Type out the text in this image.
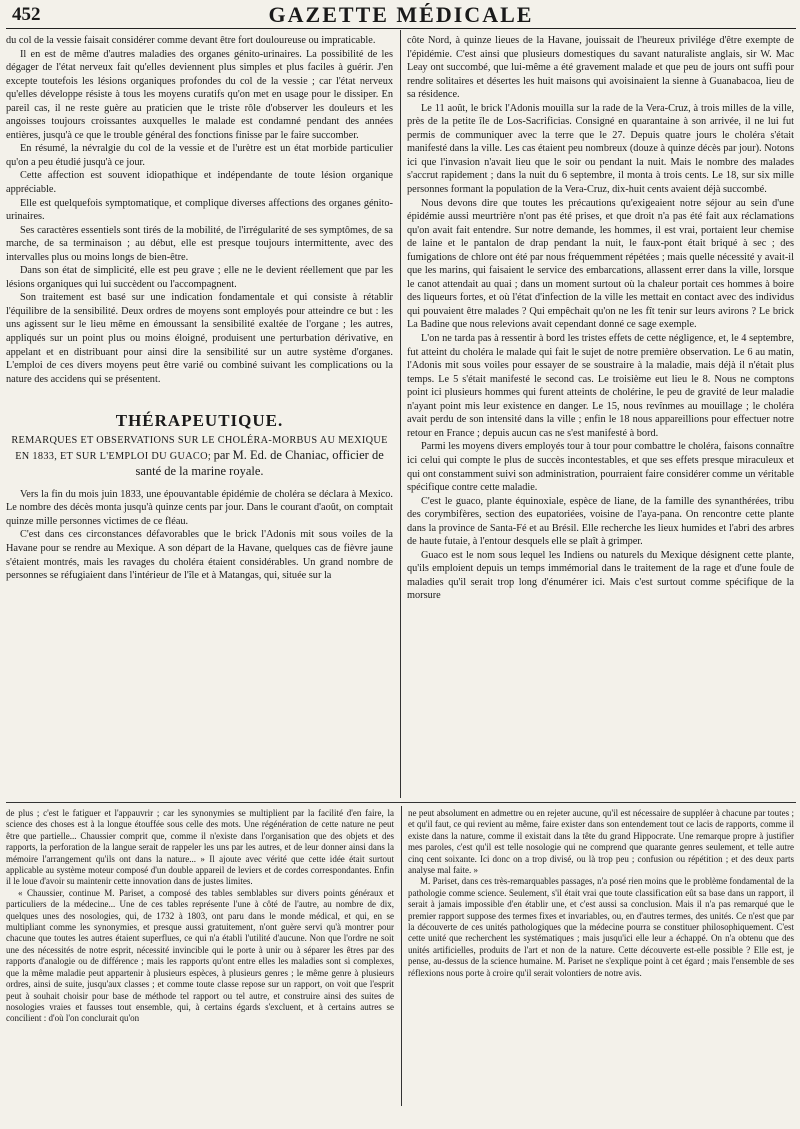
452	GAZETTE MÉDICALE

du col de la vessie faisait considérer comme devant être fort douloureuse ou impraticable.

Il en est de même d'autres maladies des organes génito-urinaires. La possibilité de les dégager de l'état nerveux fait qu'elles deviennent plus simples et plus faciles à guérir. J'en excepte toutefois les lésions organiques profondes du col de la vessie ; car l'état nerveux qu'elles développe résiste à tous les moyens curatifs qu'on met en usage pour le dissiper. En pareil cas, il ne reste guère au praticien que le triste rôle d'observer les douleurs et les angoisses toujours croissantes auxquelles le malade est condamné pendant des années entières, jusqu'à ce que le trouble général des fonctions finisse par le faire succomber.

En résumé, la névralgie du col de la vessie et de l'urètre est un état morbide particulier qu'on a peu étudié jusqu'à ce jour.

Cette affection est souvent idiopathique et indépendante de toute lésion organique appréciable.

Elle est quelquefois symptomatique, et complique diverses affections des organes génito-urinaires.

Ses caractères essentiels sont tirés de la mobilité, de l'irrégularité de ses symptômes, de sa marche, de sa terminaison ; au début, elle est presque toujours intermittente, avec des intervalles plus ou moins longs de bien-être.

Dans son état de simplicité, elle est peu grave ; elle ne le devient réellement que par les lésions organiques qui lui succèdent ou l'accompagnent.

Son traitement est basé sur une indication fondamentale et qui consiste à rétablir l'équilibre de la sensibilité. Deux ordres de moyens sont employés pour atteindre ce but : les uns agissent sur le lieu même en émoussant la sensibilité exaltée de l'organe ; les autres, appliqués sur un point plus ou moins éloigné, produisent une perturbation dérivative, en appelant et en distribuant pour ainsi dire la sensibilité sur un autre système d'organes. L'emploi de ces divers moyens peut être varié ou combiné suivant les complications ou la nature des accidens qui se présentent.

THÉRAPEUTIQUE.
REMARQUES ET OBSERVATIONS SUR LE CHOLÉRA-MORBUS AU MEXIQUE EN 1833, ET SUR L'EMPLOI DU GUACO; par M. Ed. de Chaniac, officier de santé de la marine royale.

Vers la fin du mois juin 1833, une épouvantable épidémie de choléra se déclara à Mexico. Le nombre des décès monta jusqu'à quinze cents par jour. Dans le courant d'août, on comptait quinze mille personnes victimes de ce fléau.

C'est dans ces circonstances défavorables que le brick l'Adonis mit sous voiles de la Havane pour se rendre au Mexique. A son départ de la Havane, quelques cas de fièvre jaune s'étaient montrés, mais les ravages du choléra étaient considérables. Un grand nombre de personnes se réfugiaient dans l'intérieur de l'île et à Matangas, qui, située sur la

côte Nord, à quinze lieues de la Havane, jouissait de l'heureux privilége d'être exempte de l'épidémie. C'est ainsi que plusieurs domestiques du savant naturaliste anglais, sir W. Mac Leay ont succombé, que lui-même a été gravement malade et que peu de jours ont suffi pour rendre solitaires et désertes les huit maisons qui avoisinaient la sienne à Guanabacoa, lieu de sa résidence.

Le 11 août, le brick l'Adonis mouilla sur la rade de la Vera-Cruz, à trois milles de la ville, près de la petite île de Los-Sacrificias. Consigné en quarantaine à son arrivée, il ne lui fut permis de communiquer avec la terre que le 27. Depuis quatre jours le choléra s'était manifesté dans la ville. Les cas étaient peu nombreux (douze à quinze décès par jour). Notons ici que l'invasion n'avait lieu que le soir ou pendant la nuit. Mais le nombre des malades s'accrut rapidement ; dans la nuit du 6 septembre, il monta à trois cents. Le 18, sur six mille personnes formant la population de la Vera-Cruz, dix-huit cents avaient déjà succombé.

Nous devons dire que toutes les précautions qu'exigeaient notre séjour au sein d'une épidémie aussi meurtrière n'ont pas été prises, et que droit n'a pas été fait aux réclamations qu'on avait fait entendre. Sur notre demande, les hommes, il est vrai, portaient leur chemise de laine et le pantalon de drap pendant la nuit, le faux-pont était briqué à sec ; des fumigations de chlore ont été par nous fréquemment répétées ; mais quelle nécessité y avait-il que les marins, qui faisaient le service des embarcations, allassent errer dans la ville, lorsque le canot attendait au quai ; dans un moment surtout où la chaleur portait ces hommes à boire des liqueurs fortes, et où l'état d'infection de la ville les mettait en contact avec des individus qui pouvaient être malades ? Qui empêchait qu'on ne les fît tenir sur leurs avirons ? Le brick La Badine que nous relevions avait cependant donné ce sage exemple.

L'on ne tarda pas à ressentir à bord les tristes effets de cette négligence, et, le 4 septembre, fut atteint du choléra le malade qui fait le sujet de notre première observation. Le 6 au matin, l'Adonis mit sous voiles pour essayer de se soustraire à la maladie, mais déjà il n'était plus temps. Le 5 s'était manifesté le second cas. Le troisième eut lieu le 8. Nous ne comptons point ici plusieurs hommes qui furent atteints de cholérine, le peu de gravité de leur maladie n'ayant point mis leur existence en danger. Le 15, nous revînmes au mouillage ; le choléra avait perdu de son intensité dans la ville ; enfin le 18 nous appareillions pour effectuer notre retour en France ; depuis aucun cas ne s'est manifesté à bord.

Parmi les moyens divers employés tour à tour pour combattre le choléra, faisons connaître ici celui qui compte le plus de succès incontestables, et que ses effets presque miraculeux et qui ont constamment suivi son administration, pourraient faire considérer comme un véritable spécifique contre cette maladie.

C'est le guaco, plante équinoxiale, espèce de liane, de la famille des synanthérées, tribu des corymbifères, section des eupatoriées, voisine de l'aya-pana. On rencontre cette plante dans la province de Santa-Fé et au Brésil. Elle recherche les lieux humides et l'abri des arbres de haute futaie, à l'entour desquels elle se plaît à grimper.

Guaco est le nom sous lequel les Indiens ou naturels du Mexique désignent cette plante, qu'ils emploient depuis un temps immémorial dans le traitement de la rage et d'une foule de maladies qu'il serait trop long d'énumérer ici. Mais c'est surtout comme spécifique de la morsure

de plus ; c'est le fatiguer et l'appauvrir ; car les synonymies se multiplient par la facilité d'en faire, la science des choses est à la longue étouffée sous celle des mots. Une régénération de cette nature ne peut être que partielle... Chaussier comprit que, comme il n'existe dans l'organisation que des objets et des rapports, la perforation de la langue serait de rappeler les uns par les autres, et de leur donner ainsi dans la mémoire l'arrangement qu'ils ont dans la nature... » Il ajoute avec vérité que cette idée était surtout applicable au système moteur composé d'un double appareil de leviers et de cordes correspondantes. Enfin il le loue d'avoir su maintenir cette innovation dans de justes limites.

« Chaussier, continue M. Pariset, a composé des tables semblables sur divers points généraux et particuliers de la médecine... Une de ces tables représente l'une à côté de l'autre, au nombre de dix, quelques unes des nosologies, qui, de 1732 à 1803, ont paru dans le monde médical, et qui, en se multipliant comme les synonymies, et presque aussi gratuitement, n'ont guère servi qu'à montrer pour chacune que toutes les autres étaient superflues, ce qui n'a établi l'utilité d'aucune. Non que l'ordre ne soit une des nécessités de notre esprit, nécessité invincible qui le porte à unir ou à séparer les êtres par des rapports d'analogie ou de différence ; mais les rapports qu'ont entre elles les maladies sont si complexes, que la même maladie peut appartenir à plusieurs espèces, à plusieurs genres ; le même genre à plusieurs ordres, ainsi de suite, jusqu'aux classes ; et comme toute classe repose sur un rapport, on voit que l'esprit peut à souhait choisir pour base de méthode tel rapport ou tel autre, et construire ainsi des suites de nosologies vraies et fausses tout ensemble, qui, à certains égards s'excluent, et à certains autres se concilient : d'où l'on conclurait qu'on

ne peut absolument en admettre ou en rejeter aucune, qu'il est nécessaire de suppléer à chacune par toutes ; et qu'il faut, ce qui revient au même, faire exister dans son entendement tout ce lacis de rapports, comme il existe dans la nature, comme il existait dans la tête du grand Hippocrate. Une remarque propre à justifier mes paroles, c'est qu'il est telle nosologie qui ne comprend que quarante genres seulement, et telle autre cinq cent soixante. Ici donc on a trop divisé, ou là trop peu ; confusion ou répétition ; et des deux parts analyse mal faite. »

M. Pariset, dans ces très-remarquables passages, n'a posé rien moins que le problème fondamental de la pathologie comme science. Seulement, s'il était vrai que toute classification eût sa base dans un rapport, il serait à jamais impossible d'en établir une, et c'est aussi sa conclusion. Mais il n'a pas remarqué que le premier rapport suppose des termes fixes et invariables, ou, en d'autres termes, des unités. Ce n'est que par la découverte de ces unités pathologiques que la médecine pourra se constituer philosophiquement. C'est cette unité que recherchent les systématiques ; mais jusqu'ici elle leur a échappé. On n'a obtenu que des unités artificielles, produits de l'art et non de la nature. Cette découverte est-elle possible ? Elle est, je pense, au-dessus de la science humaine. M. Pariset ne s'explique point à cet égard ; mais l'ensemble de ses réflexions nous porte à croire qu'il serait volontiers de notre avis.
